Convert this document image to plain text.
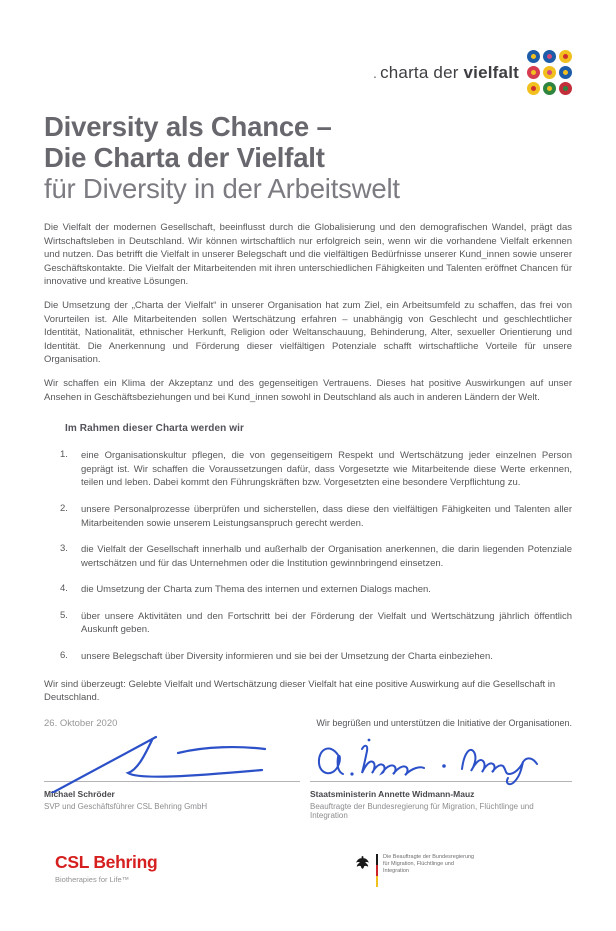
. charta der vielfalt
Diversity als Chance –
Die Charta der Vielfalt
für Diversity in der Arbeitswelt

Die Vielfalt der modernen Gesellschaft, beeinflusst durch die Globalisierung und den demografischen Wandel, prägt das Wirtschaftsleben in Deutschland. Wir können wirtschaftlich nur erfolgreich sein, wenn wir die vorhandene Vielfalt erkennen und nutzen. Das betrifft die Vielfalt in unserer Belegschaft und die vielfältigen Bedürfnisse unserer Kund_innen sowie unserer Geschäftskontakte. Die Vielfalt der Mitarbeitenden mit ihren unterschiedlichen Fähigkeiten und Talenten eröffnet Chancen für innovative und kreative Lösungen.

Die Umsetzung der „Charta der Vielfalt“ in unserer Organisation hat zum Ziel, ein Arbeitsumfeld zu schaffen, das frei von Vorurteilen ist. Alle Mitarbeitenden sollen Wertschätzung erfahren – unabhängig von Geschlecht und geschlechtlicher Identität, Nationalität, ethnischer Herkunft, Religion oder Weltanschauung, Behinderung, Alter, sexueller Orientierung und Identität. Die Anerkennung und Förderung dieser vielfältigen Potenziale schafft wirtschaftliche Vorteile für unsere Organisation.

Wir schaffen ein Klima der Akzeptanz und des gegenseitigen Vertrauens. Dieses hat positive Auswirkungen auf unser Ansehen in Geschäftsbeziehungen und bei Kund_innen sowohl in Deutschland als auch in anderen Ländern der Welt.

Im Rahmen dieser Charta werden wir
1.	eine Organisationskultur pflegen, die von gegenseitigem Respekt und Wertschätzung jeder einzelnen Person geprägt ist. Wir schaffen die Voraussetzungen dafür, dass Vorgesetzte wie Mitarbeitende diese Werte erkennen, teilen und leben. Dabei kommt den Führungskräften bzw. Vorgesetzten eine besondere Verpflichtung zu.
2.	unsere Personalprozesse überprüfen und sicherstellen, dass diese den vielfältigen Fähigkeiten und Talenten aller Mitarbeitenden sowie unserem Leistungsanspruch gerecht werden.
3.	die Vielfalt der Gesellschaft innerhalb und außerhalb der Organisation anerkennen, die darin liegenden Potenziale wertschätzen und für das Unternehmen oder die Institution gewinnbringend einsetzen.
4.	die Umsetzung der Charta zum Thema des internen und externen Dialogs machen.
5.	über unsere Aktivitäten und den Fortschritt bei der Förderung der Vielfalt und Wertschätzung jährlich öffentlich Auskunft geben.
6.	unsere Belegschaft über Diversity informieren und sie bei der Umsetzung der Charta einbeziehen.

Wir sind überzeugt: Gelebte Vielfalt und Wertschätzung dieser Vielfalt hat eine positive Auswirkung auf die Gesellschaft in Deutschland.

26. Oktober 2020	Wir begrüßen und unterstützen die Initiative der Organisationen.
Michael Schröder
SVP und Geschäftsführer CSL Behring GmbH
Staatsministerin Annette Widmann-Mauz
Beauftragte der Bundesregierung für Migration, Flüchtlinge und Integration
CSL Behring
Biotherapies for Life™
Die Beauftragte der Bundesregierung
für Migration, Flüchtlinge und
Integration
